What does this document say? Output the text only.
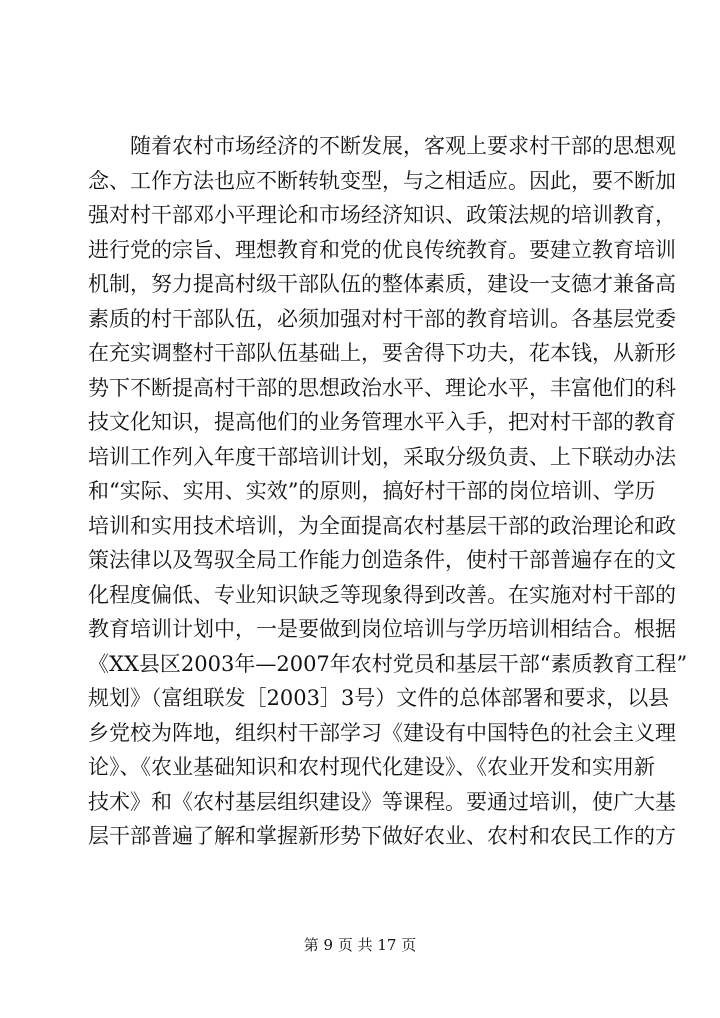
随着农村市场经济的不断发展，客观上要求村干部的思想观
念、工作方法也应不断转轨变型，与之相适应。因此，要不断加
强对村干部邓小平理论和市场经济知识、政策法规的培训教育，
进行党的宗旨、理想教育和党的优良传统教育。要建立教育培训
机制，努力提高村级干部队伍的整体素质，建设一支德才兼备高
素质的村干部队伍，必须加强对村干部的教育培训。各基层党委
在充实调整村干部队伍基础上，要舍得下功夫，花本钱，从新形
势下不断提高村干部的思想政治水平、理论水平，丰富他们的科
技文化知识，提高他们的业务管理水平入手，把对村干部的教育
培训工作列入年度干部培训计划，采取分级负责、上下联动办法
和“实际、实用、实效”的原则，搞好村干部的岗位培训、学历
培训和实用技术培训，为全面提高农村基层干部的政治理论和政
策法律以及驾驭全局工作能力创造条件，使村干部普遍存在的文
化程度偏低、专业知识缺乏等现象得到改善。在实施对村干部的
教育培训计划中，一是要做到岗位培训与学历培训相结合。根据
《XX县区2003年—2007年农村党员和基层干部“素质教育工程”
规划》（富组联发［2003］3号）文件的总体部署和要求，以县
乡党校为阵地，组织村干部学习《建设有中国特色的社会主义理
论》、《农业基础知识和农村现代化建设》、《农业开发和实用新
技术》和《农村基层组织建设》等课程。要通过培训，使广大基
层干部普遍了解和掌握新形势下做好农业、农村和农民工作的方
第 9 页 共 17 页
